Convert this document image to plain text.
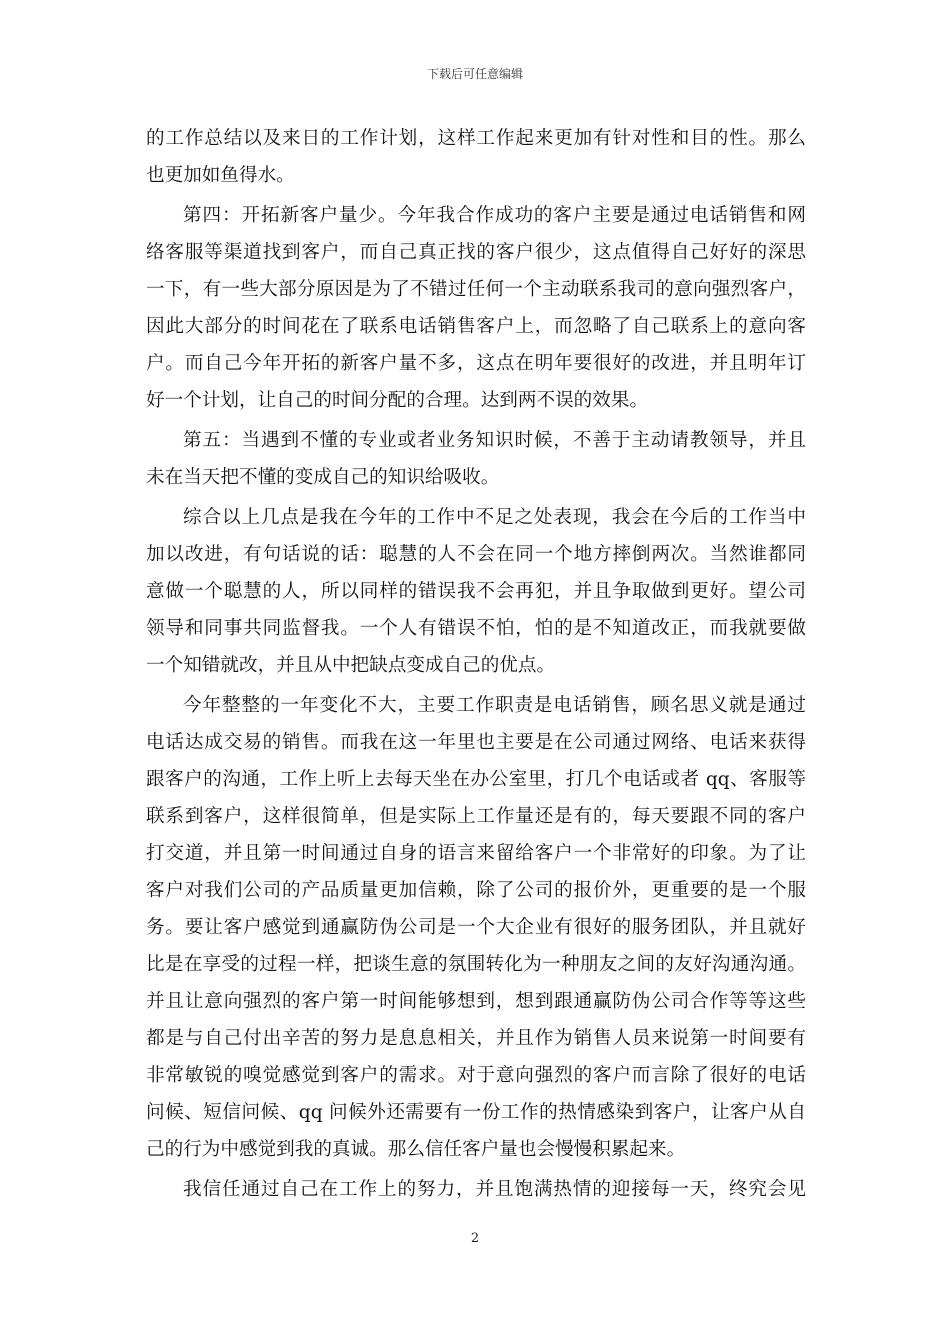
下载后可任意编辑
的工作总结以及来日的工作计划，这样工作起来更加有针对性和目的性。那么
也更加如鱼得水。
第四：开拓新客户量少。今年我合作成功的客户主要是通过电话销售和网
络客服等渠道找到客户，而自己真正找的客户很少，这点值得自己好好的深思
一下，有一些大部分原因是为了不错过任何一个主动联系我司的意向强烈客户，
因此大部分的时间花在了联系电话销售客户上，而忽略了自己联系上的意向客
户。而自己今年开拓的新客户量不多，这点在明年要很好的改进，并且明年订
好一个计划，让自己的时间分配的合理。达到两不误的效果。
第五：当遇到不懂的专业或者业务知识时候，不善于主动请教领导，并且
未在当天把不懂的变成自己的知识给吸收。
综合以上几点是我在今年的工作中不足之处表现，我会在今后的工作当中
加以改进，有句话说的话：聪慧的人不会在同一个地方摔倒两次。当然谁都同
意做一个聪慧的人，所以同样的错误我不会再犯，并且争取做到更好。望公司
领导和同事共同监督我。一个人有错误不怕，怕的是不知道改正，而我就要做
一个知错就改，并且从中把缺点变成自己的优点。
今年整整的一年变化不大，主要工作职责是电话销售，顾名思义就是通过
电话达成交易的销售。而我在这一年里也主要是在公司通过网络、电话来获得
跟客户的沟通，工作上听上去每天坐在办公室里，打几个电话或者 qq、客服等
联系到客户，这样很简单，但是实际上工作量还是有的，每天要跟不同的客户
打交道，并且第一时间通过自身的语言来留给客户一个非常好的印象。为了让
客户对我们公司的产品质量更加信赖，除了公司的报价外，更重要的是一个服
务。要让客户感觉到通赢防伪公司是一个大企业有很好的服务团队，并且就好
比是在享受的过程一样，把谈生意的氛围转化为一种朋友之间的友好沟通沟通。
并且让意向强烈的客户第一时间能够想到，想到跟通赢防伪公司合作等等这些
都是与自己付出辛苦的努力是息息相关，并且作为销售人员来说第一时间要有
非常敏锐的嗅觉感觉到客户的需求。对于意向强烈的客户而言除了很好的电话
问候、短信问候、qq 问候外还需要有一份工作的热情感染到客户，让客户从自
己的行为中感觉到我的真诚。那么信任客户量也会慢慢积累起来。
我信任通过自己在工作上的努力，并且饱满热情的迎接每一天，终究会见
2
